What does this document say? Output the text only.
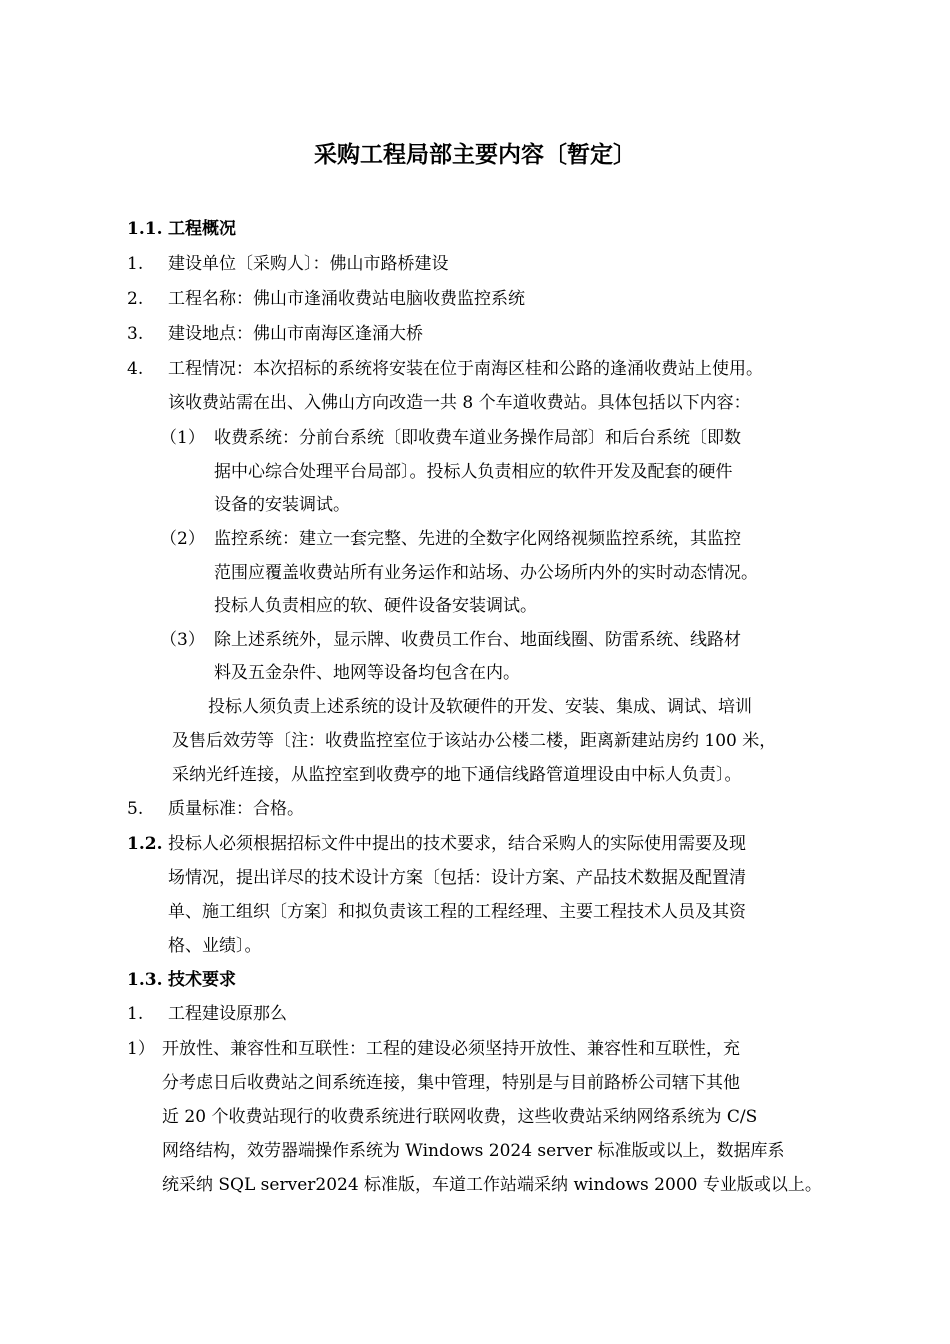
采购工程局部主要内容〔暂定〕
1.1. 工程概况
1. 建设单位〔采购人〕：佛山市路桥建设
2. 工程名称：佛山市逢涌收费站电脑收费监控系统
3. 建设地点：佛山市南海区逢涌大桥
4. 工程情况：本次招标的系统将安装在位于南海区桂和公路的逢涌收费站上使用。
该收费站需在出、入佛山方向改造一共 8 个车道收费站。具体包括以下内容：
（1） 收费系统：分前台系统〔即收费车道业务操作局部〕和后台系统〔即数
据中心综合处理平台局部〕。投标人负责相应的软件开发及配套的硬件
设备的安装调试。
（2） 监控系统：建立一套完整、先进的全数字化网络视频监控系统，其监控
范围应覆盖收费站所有业务运作和站场、办公场所内外的实时动态情况。
投标人负责相应的软、硬件设备安装调试。
（3） 除上述系统外，显示牌、收费员工作台、地面线圈、防雷系统、线路材
料及五金杂件、地网等设备均包含在内。
投标人须负责上述系统的设计及软硬件的开发、安装、集成、调试、培训
及售后效劳等〔注：收费监控室位于该站办公楼二楼，距离新建站房约 100 米，
采纳光纤连接，从监控室到收费亭的地下通信线路管道埋设由中标人负责〕。
5. 质量标准：合格。
1.2. 投标人必须根据招标文件中提出的技术要求，结合采购人的实际使用需要及现
场情况，提出详尽的技术设计方案〔包括：设计方案、产品技术数据及配置清
单、施工组织〔方案〕和拟负责该工程的工程经理、主要工程技术人员及其资
格、业绩〕。
1.3. 技术要求
1. 工程建设原那么
1） 开放性、兼容性和互联性：工程的建设必须坚持开放性、兼容性和互联性，充
分考虑日后收费站之间系统连接，集中管理，特别是与目前路桥公司辖下其他
近 20 个收费站现行的收费系统进行联网收费，这些收费站采纳网络系统为 C/S
网络结构，效劳器端操作系统为 Windows 2024 server 标准版或以上，数据库系
统采纳 SQL server2024 标准版，车道工作站端采纳 windows 2000 专业版或以上。
